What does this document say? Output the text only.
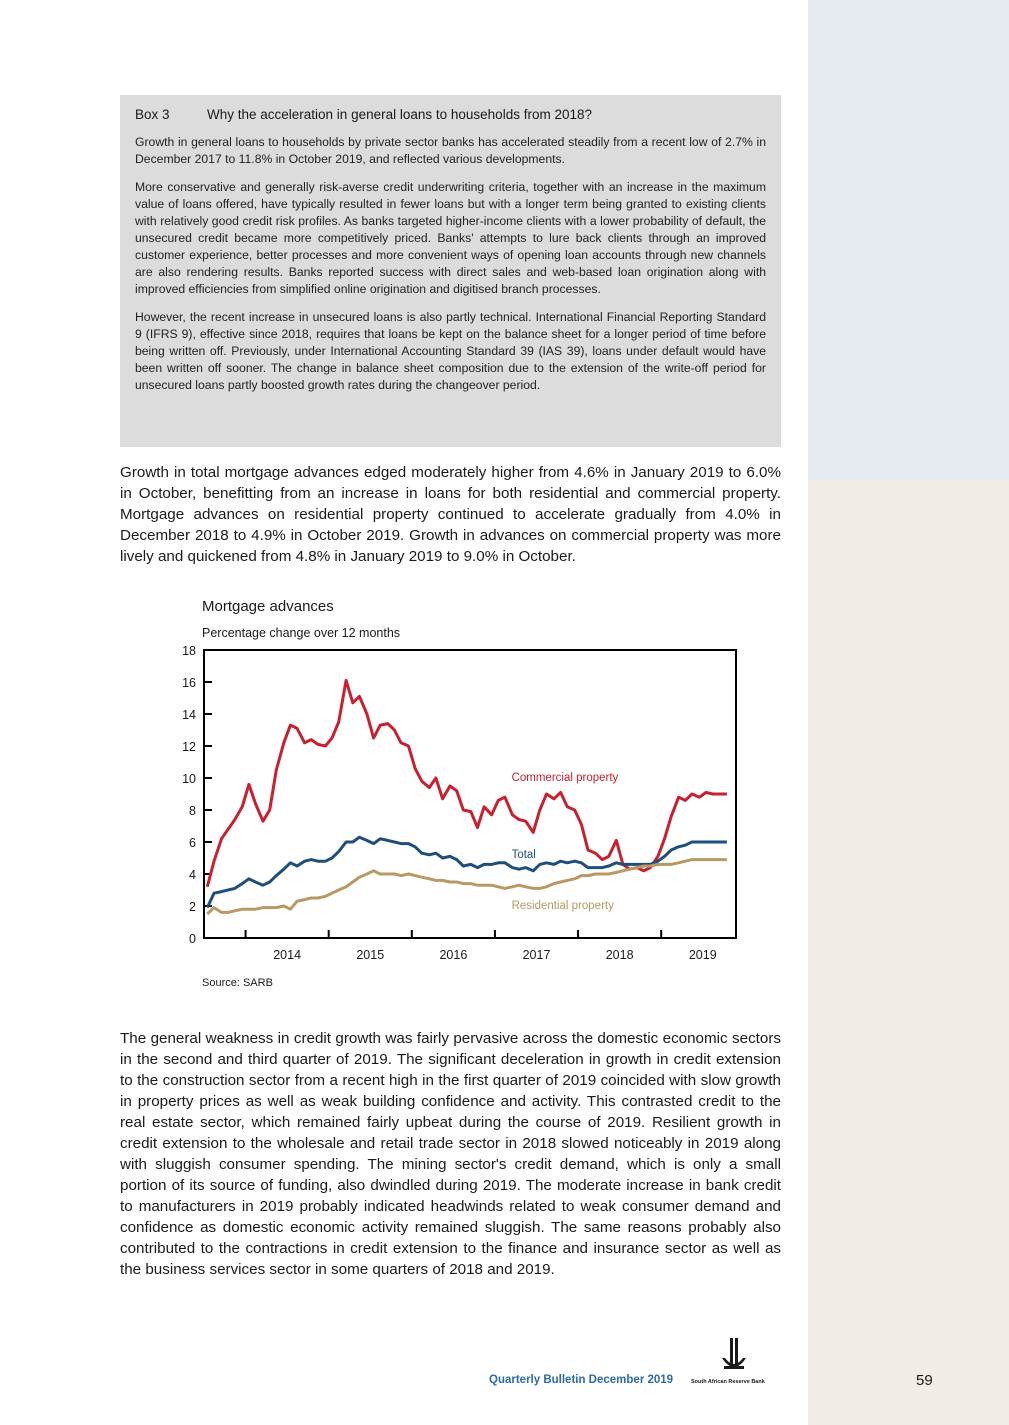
Box 3	Why the acceleration in general loans to households from 2018?

Growth in general loans to households by private sector banks has accelerated steadily from a recent low of 2.7% in December 2017 to 11.8% in October 2019, and reflected various developments.

More conservative and generally risk-averse credit underwriting criteria, together with an increase in the maximum value of loans offered, have typically resulted in fewer loans but with a longer term being granted to existing clients with relatively good credit risk profiles. As banks targeted higher-income clients with a lower probability of default, the unsecured credit became more competitively priced. Banks' attempts to lure back clients through an improved customer experience, better processes and more convenient ways of opening loan accounts through new channels are also rendering results. Banks reported success with direct sales and web-based loan origination along with improved efficiencies from simplified online origination and digitised branch processes.

However, the recent increase in unsecured loans is also partly technical. International Financial Reporting Standard 9 (IFRS 9), effective since 2018, requires that loans be kept on the balance sheet for a longer period of time before being written off. Previously, under International Accounting Standard 39 (IAS 39), loans under default would have been written off sooner. The change in balance sheet composition due to the extension of the write-off period for unsecured loans partly boosted growth rates during the changeover period.

Growth in total mortgage advances edged moderately higher from 4.6% in January 2019 to 6.0% in October, benefitting from an increase in loans for both residential and commercial property. Mortgage advances on residential property continued to accelerate gradually from 4.0% in December 2018 to 4.9% in October 2019. Growth in advances on commercial property was more lively and quickened from 4.8% in January 2019 to 9.0% in October.

Mortgage advances
Percentage change over 12 months
0
2
4
6
8
10
12
14
16
18
2014	2015	2016	2017	2018	2019
Commercial property
Total
Residential property
Source: SARB

The general weakness in credit growth was fairly pervasive across the domestic economic sectors in the second and third quarter of 2019. The significant deceleration in growth in credit extension to the construction sector from a recent high in the first quarter of 2019 coincided with slow growth in property prices as well as weak building confidence and activity. This contrasted credit to the real estate sector, which remained fairly upbeat during the course of 2019. Resilient growth in credit extension to the wholesale and retail trade sector in 2018 slowed noticeably in 2019 along with sluggish consumer spending. The mining sector's credit demand, which is only a small portion of its source of funding, also dwindled during 2019. The moderate increase in bank credit to manufacturers in 2019 probably indicated headwinds related to weak consumer demand and confidence as domestic economic activity remained sluggish. The same reasons probably also contributed to the contractions in credit extension to the finance and insurance sector as well as the business services sector in some quarters of 2018 and 2019.

Quarterly Bulletin December 2019	South African Reserve Bank	59
